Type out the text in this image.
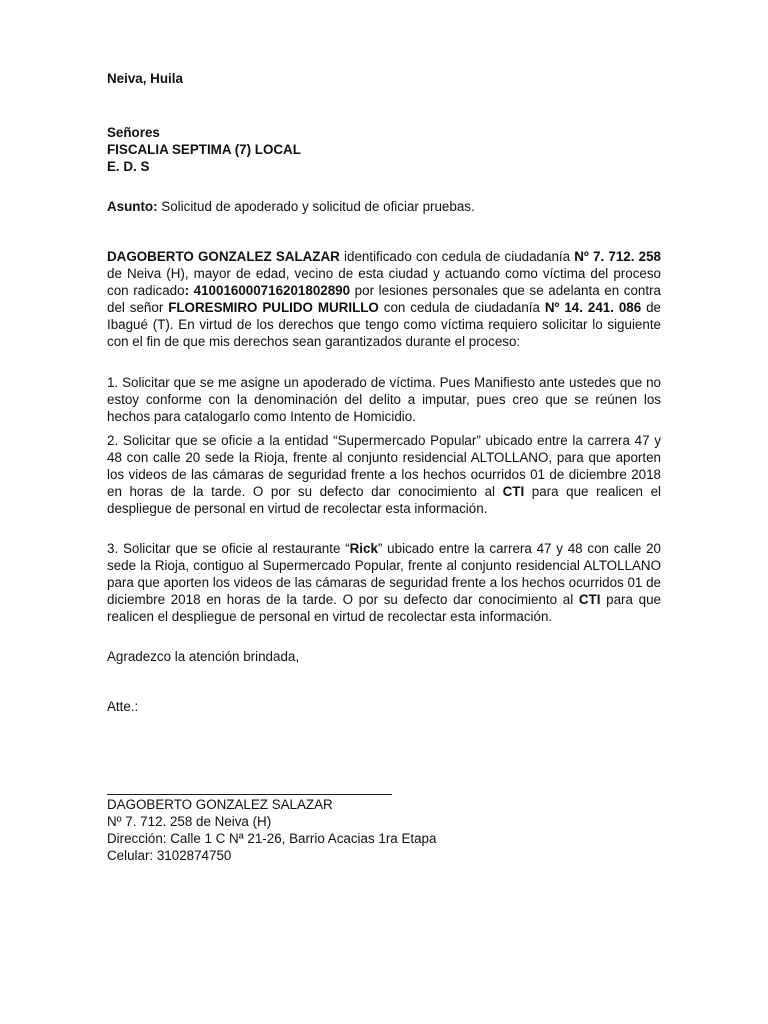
Neiva, Huila
Señores
FISCALIA SEPTIMA (7) LOCAL
E. D. S
Asunto: Solicitud de apoderado y solicitud de oficiar pruebas.
DAGOBERTO GONZALEZ SALAZAR identificado con cedula de ciudadanía Nº 7. 712. 258 de Neiva (H), mayor de edad, vecino de esta ciudad y actuando como víctima del proceso con radicado: 410016000716201802890 por lesiones personales que se adelanta en contra del señor FLORESMIRO PULIDO MURILLO con cedula de ciudadanía Nº 14. 241. 086 de Ibagué (T). En virtud de los derechos que tengo como víctima requiero solicitar lo siguiente con el fin de que mis derechos sean garantizados durante el proceso:
1. Solicitar que se me asigne un apoderado de víctima. Pues Manifiesto ante ustedes que no estoy conforme con la denominación del delito a imputar, pues creo que se reúnen los hechos para catalogarlo como Intento de Homicidio.
2. Solicitar que se oficie a la entidad “Supermercado Popular” ubicado entre la carrera 47 y 48 con calle 20 sede la Rioja, frente al conjunto residencial ALTOLLANO, para que aporten los videos de las cámaras de seguridad frente a los hechos ocurridos 01 de diciembre 2018 en horas de la tarde. O por su defecto dar conocimiento al CTI para que realicen el despliegue de personal en virtud de recolectar esta información.
3. Solicitar que se oficie al restaurante “Rick” ubicado entre la carrera 47 y 48 con calle 20 sede la Rioja, contiguo al Supermercado Popular, frente al conjunto residencial ALTOLLANO para que aporten los videos de las cámaras de seguridad frente a los hechos ocurridos 01 de diciembre 2018 en horas de la tarde. O por su defecto dar conocimiento al CTI para que realicen el despliegue de personal en virtud de recolectar esta información.
Agradezco la atención brindada,
Atte.:
DAGOBERTO GONZALEZ SALAZAR
Nº 7. 712. 258 de Neiva (H)
Dirección: Calle 1 C Nª 21-26, Barrio Acacias 1ra Etapa
Celular: 3102874750
